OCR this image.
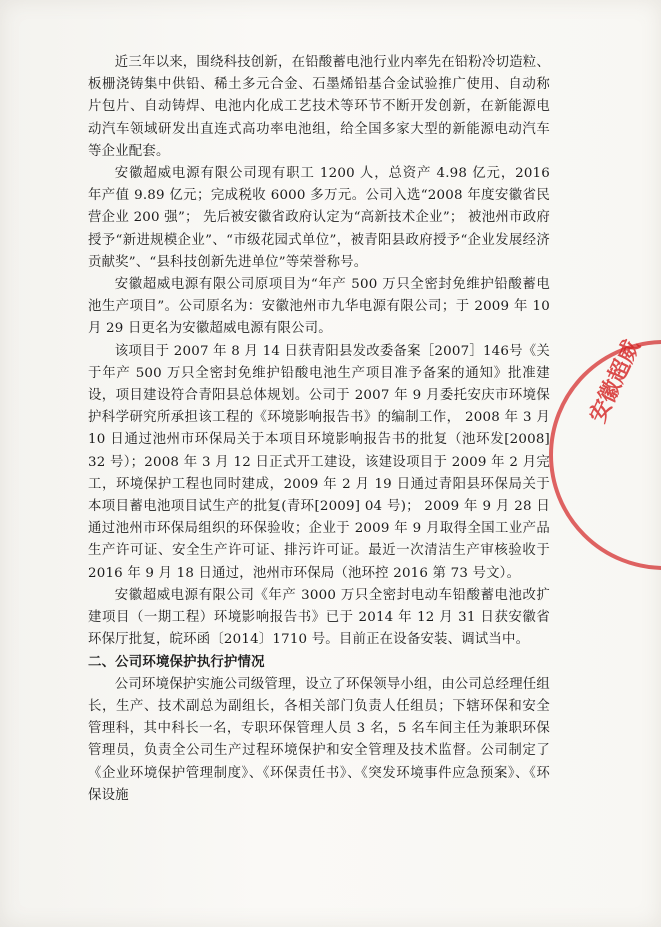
近三年以来，围绕科技创新，在铅酸蓄电池行业内率先在铅粉冷切造粒、板栅浇铸集中供铅、稀土多元合金、石墨烯铅基合金试验推广使用、自动称片包片、自动铸焊、电池内化成工艺技术等环节不断开发创新，在新能源电动汽车领域研发出直连式高功率电池组，给全国多家大型的新能源电动汽车等企业配套。

安徽超威电源有限公司现有职工 1200 人，总资产 4.98 亿元，2016 年产值 9.89 亿元；完成税收 6000 多万元。公司入选“2008 年度安徽省民营企业 200 强”； 先后被安徽省政府认定为“高新技术企业”； 被池州市政府授予“新进规模企业”、“市级花园式单位”，被青阳县政府授予“企业发展经济贡献奖”、“县科技创新先进单位”等荣誉称号。

安徽超威电源有限公司原项目为“年产 500 万只全密封免维护铅酸蓄电池生产项目”。公司原名为：安徽池州市九华电源有限公司；于 2009 年 10 月 29 日更名为安徽超威电源有限公司。

该项目于 2007 年 8 月 14 日获青阳县发改委备案［2007］146号《关于年产 500 万只全密封免维护铅酸电池生产项目准予备案的通知》批准建设，项目建设符合青阳县总体规划。公司于 2007 年 9 月委托安庆市环境保护科学研究所承担该工程的《环境影响报告书》的编制工作， 2008 年 3 月 10 日通过池州市环保局关于本项目环境影响报告书的批复（池环发[2008] 32 号）；2008 年 3 月 12 日正式开工建设，该建设项目于 2009 年 2 月完工，环境保护工程也同时建成，2009 年 2 月 19 日通过青阳县环保局关于本项目蓄电池项目试生产的批复(青环[2009] 04 号)； 2009 年 9 月 28 日通过池州市环保局组织的环保验收；企业于 2009 年 9 月取得全国工业产品生产许可证、安全生产许可证、排污许可证。最近一次清洁生产审核验收于 2016 年 9 月 18 日通过，池州市环保局（池环控 2016 第 73 号文）。

安徽超威电源有限公司《年产 3000 万只全密封电动车铅酸蓄电池改扩建项目（一期工程）环境影响报告书》已于 2014 年 12 月 31 日获安徽省环保厅批复，皖环函〔2014〕1710 号。目前正在设备安装、调试当中。

二、公司环境保护执行护情况

公司环境保护实施公司级管理，设立了环保领导小组，由公司总经理任组长，生产、技术副总为副组长，各相关部门负责人任组员；下辖环保和安全管理科，其中科长一名，专职环保管理人员 3 名，5 名车间主任为兼职环保管理员，负责全公司生产过程环境保护和安全管理及技术监督。公司制定了《企业环境保护管理制度》、《环保责任书》、《突发环境事件应急预案》、《环保设施

安徽超威
